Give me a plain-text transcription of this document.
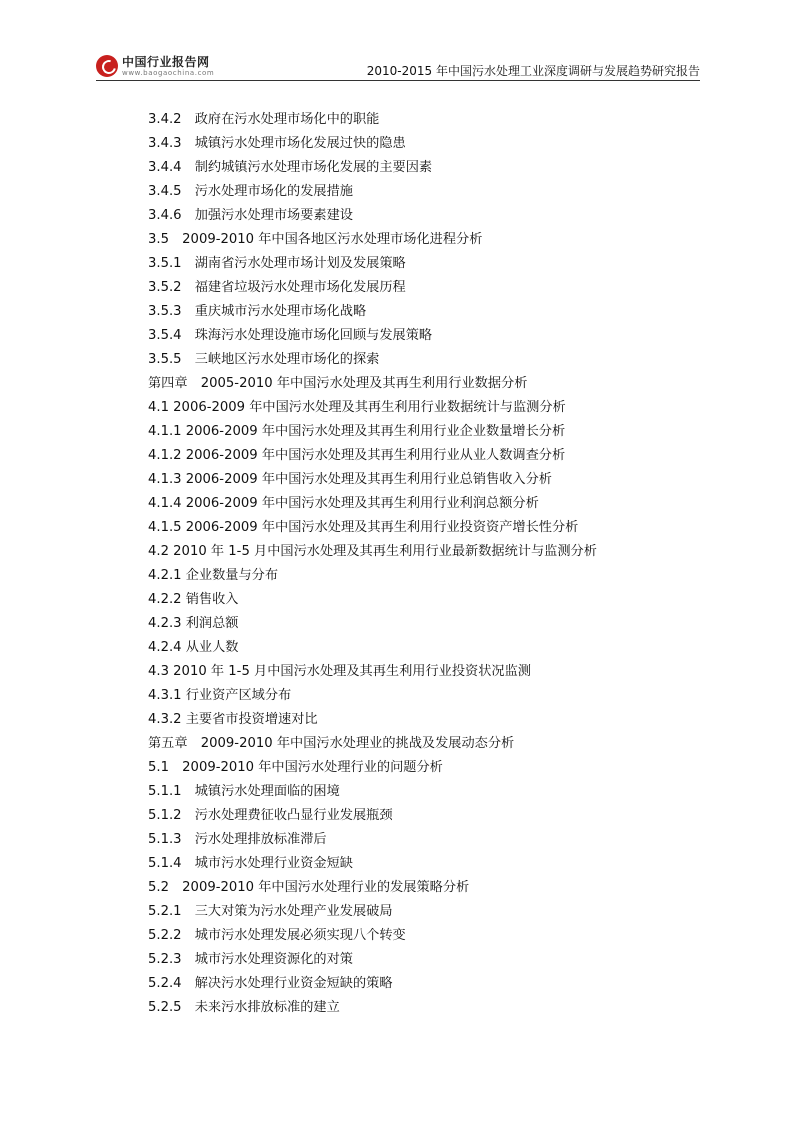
中国行业报告网
www.baogaochina.com	2010-2015 年中国污水处理工业深度调研与发展趋势研究报告
3.4.2　政府在污水处理市场化中的职能
3.4.3　城镇污水处理市场化发展过快的隐患
3.4.4　制约城镇污水处理市场化发展的主要因素
3.4.5　污水处理市场化的发展措施
3.4.6　加强污水处理市场要素建设
3.5　2009-2010 年中国各地区污水处理市场化进程分析
3.5.1　湖南省污水处理市场计划及发展策略
3.5.2　福建省垃圾污水处理市场化发展历程
3.5.3　重庆城市污水处理市场化战略
3.5.4　珠海污水处理设施市场化回顾与发展策略
3.5.5　三峡地区污水处理市场化的探索
第四章　2005-2010 年中国污水处理及其再生利用行业数据分析
4.1 2006-2009 年中国污水处理及其再生利用行业数据统计与监测分析
4.1.1 2006-2009 年中国污水处理及其再生利用行业企业数量增长分析
4.1.2 2006-2009 年中国污水处理及其再生利用行业从业人数调查分析
4.1.3 2006-2009 年中国污水处理及其再生利用行业总销售收入分析
4.1.4 2006-2009 年中国污水处理及其再生利用行业利润总额分析
4.1.5 2006-2009 年中国污水处理及其再生利用行业投资资产增长性分析
4.2 2010 年 1-5 月中国污水处理及其再生利用行业最新数据统计与监测分析
4.2.1 企业数量与分布
4.2.2 销售收入
4.2.3 利润总额
4.2.4 从业人数
4.3 2010 年 1-5 月中国污水处理及其再生利用行业投资状况监测
4.3.1 行业资产区域分布
4.3.2 主要省市投资增速对比
第五章　2009-2010 年中国污水处理业的挑战及发展动态分析
5.1　2009-2010 年中国污水处理行业的问题分析
5.1.1　城镇污水处理面临的困境
5.1.2　污水处理费征收凸显行业发展瓶颈
5.1.3　污水处理排放标准滞后
5.1.4　城市污水处理行业资金短缺
5.2　2009-2010 年中国污水处理行业的发展策略分析
5.2.1　三大对策为污水处理产业发展破局
5.2.2　城市污水处理发展必须实现八个转变
5.2.3　城市污水处理资源化的对策
5.2.4　解决污水处理行业资金短缺的策略
5.2.5　未来污水排放标准的建立
